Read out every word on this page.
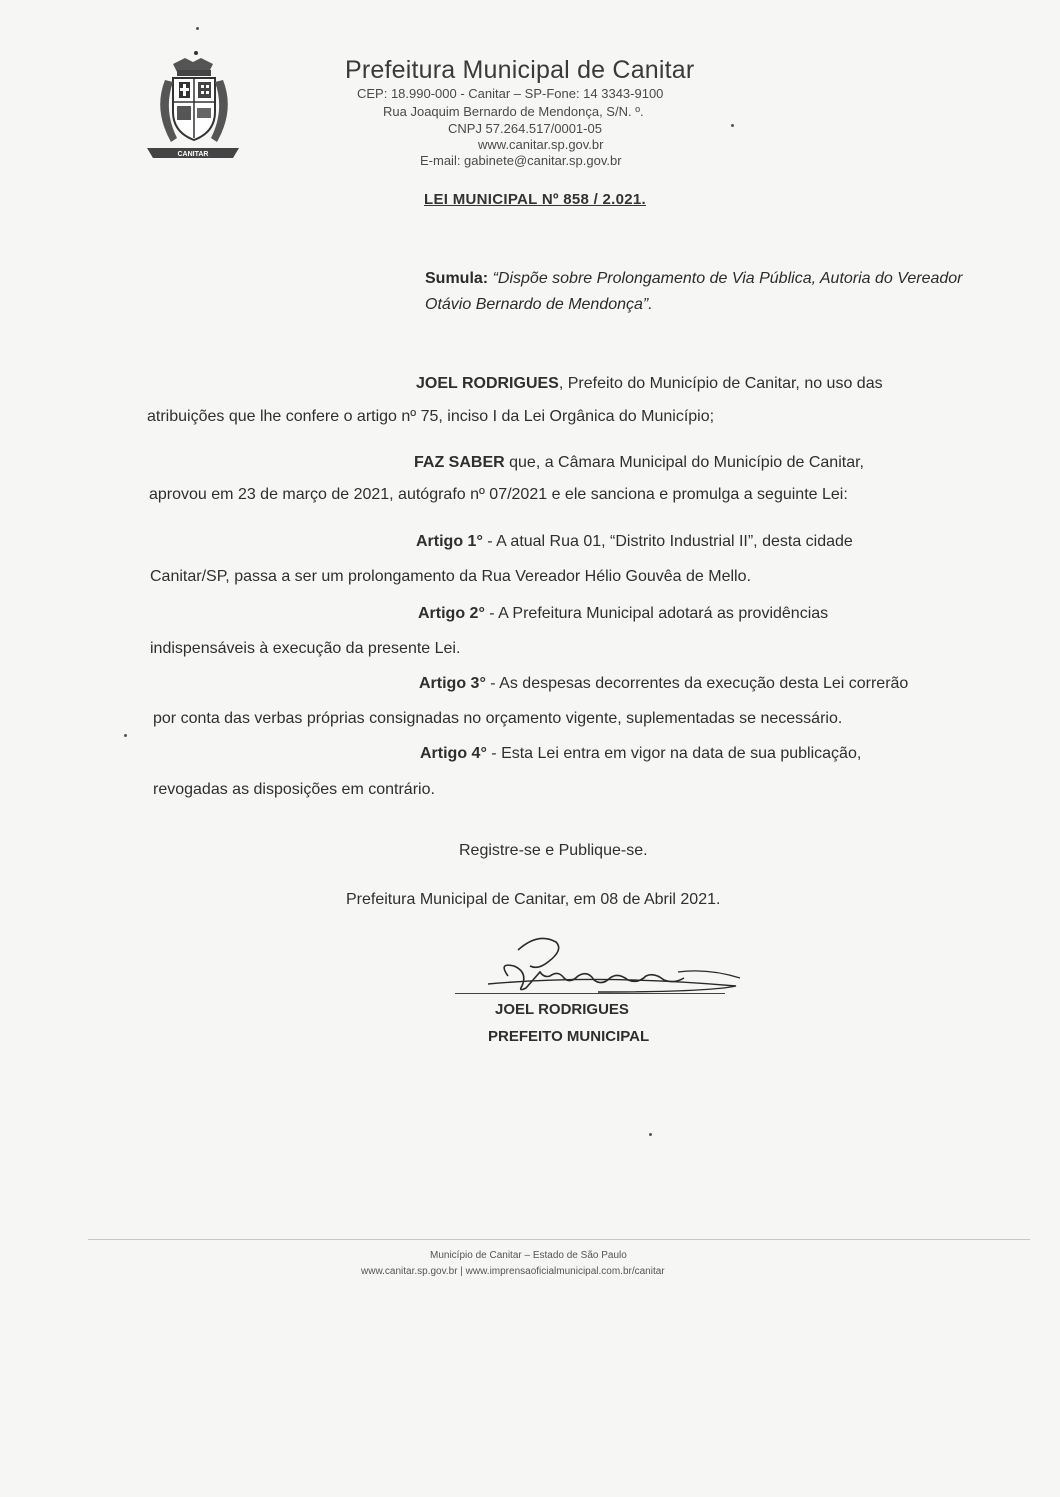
CANITAR
Prefeitura Municipal de Canitar
CEP: 18.990-000 - Canitar – SP-Fone: 14 3343-9100
Rua Joaquim Bernardo de Mendonça, S/N. º.
CNPJ 57.264.517/0001-05
www.canitar.sp.gov.br
E-mail: gabinete@canitar.sp.gov.br
LEI MUNICIPAL Nº 858 / 2.021.
Sumula: “Dispõe sobre Prolongamento de Via Pública, Autoria do Vereador Otávio Bernardo de Mendonça”.
JOEL RODRIGUES, Prefeito do Município de Canitar, no uso das
atribuições que lhe confere o artigo nº 75, inciso I da Lei Orgânica do Município;
FAZ SABER que, a Câmara Municipal do Município de Canitar,
aprovou em 23 de março de 2021, autógrafo nº 07/2021 e ele sanciona e promulga a seguinte Lei:
Artigo 1° - A atual Rua 01, “Distrito Industrial II”, desta cidade
Canitar/SP, passa a ser um prolongamento da Rua Vereador Hélio Gouvêa de Mello.
Artigo 2° - A Prefeitura Municipal adotará as providências
indispensáveis à execução da presente Lei.
Artigo 3° - As despesas decorrentes da execução desta Lei correrão
por conta das verbas próprias consignadas no orçamento vigente, suplementadas se necessário.
Artigo 4° - Esta Lei entra em vigor na data de sua publicação,
revogadas as disposições em contrário.
Registre-se e Publique-se.
Prefeitura Municipal de Canitar, em 08 de Abril 2021.
JOEL RODRIGUES
PREFEITO MUNICIPAL
Município de Canitar – Estado de São Paulo
www.canitar.sp.gov.br | www.imprensaoficialmunicipal.com.br/canitar
